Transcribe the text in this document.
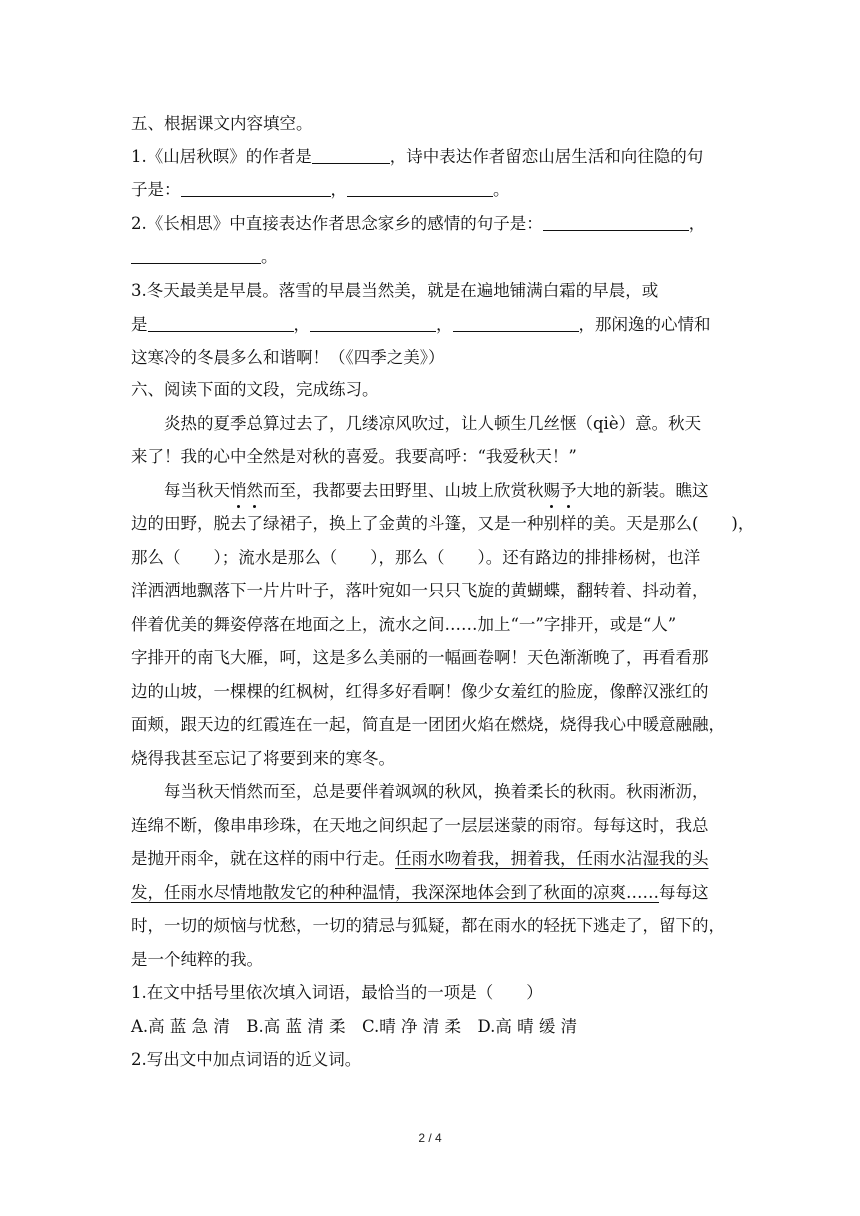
五、根据课文内容填空。
1.《山居秋暝》的作者是	，诗中表达作者留恋山居生活和向往隐的句
子是：	，	。
2.《长相思》中直接表达作者思念家乡的感情的句子是：	，
。
3.冬天最美是早晨。落雪的早晨当然美，就是在遍地铺满白霜的早晨，或
是	，	，	，那闲逸的心情和
这寒冷的冬晨多么和谐啊！（《四季之美》）
六、阅读下面的文段，完成练习。
炎热的夏季总算过去了，几缕凉风吹过，让人顿生几丝惬（qiè）意。秋天
来了！我的心中全然是对秋的喜爱。我要高呼：“我爱秋天！”
每当秋天悄然而至，我都要去田野里、山坡上欣赏秋赐予大地的新装。瞧这
边的田野，脱去了绿裙子，换上了金黄的斗篷，又是一种别样的美。天是那么(　　)，
那么（　　）；流水是那么（　　），那么（　　）。还有路边的排排杨树，也洋
洋洒洒地飘落下一片片叶子，落叶宛如一只只飞旋的黄蝴蝶，翻转着、抖动着，
伴着优美的舞姿停落在地面之上，流水之间……加上“一”字排开，或是“人”
字排开的南飞大雁，呵，这是多么美丽的一幅画卷啊！天色渐渐晚了，再看看那
边的山坡，一棵棵的红枫树，红得多好看啊！像少女羞红的脸庞，像醉汉涨红的
面颊，跟天边的红霞连在一起，简直是一团团火焰在燃烧，烧得我心中暖意融融，
烧得我甚至忘记了将要到来的寒冬。
每当秋天悄然而至，总是要伴着飒飒的秋风，换着柔长的秋雨。秋雨淅沥，
连绵不断，像串串珍珠，在天地之间织起了一层层迷蒙的雨帘。每每这时，我总
是抛开雨伞，就在这样的雨中行走。任雨水吻着我，拥着我，任雨水沾湿我的头
发，任雨水尽情地散发它的种种温情，我深深地体会到了秋面的凉爽……每每这
时，一切的烦恼与忧愁，一切的猜忌与狐疑，都在雨水的轻抚下逃走了，留下的，
是一个纯粹的我。
1.在文中括号里依次填入词语，最恰当的一项是（　　）
A.高 蓝 急 清　B.高 蓝 清 柔　C.晴 净 清 柔　D.高 晴 缓 清
2.写出文中加点词语的近义词。
2 / 4
